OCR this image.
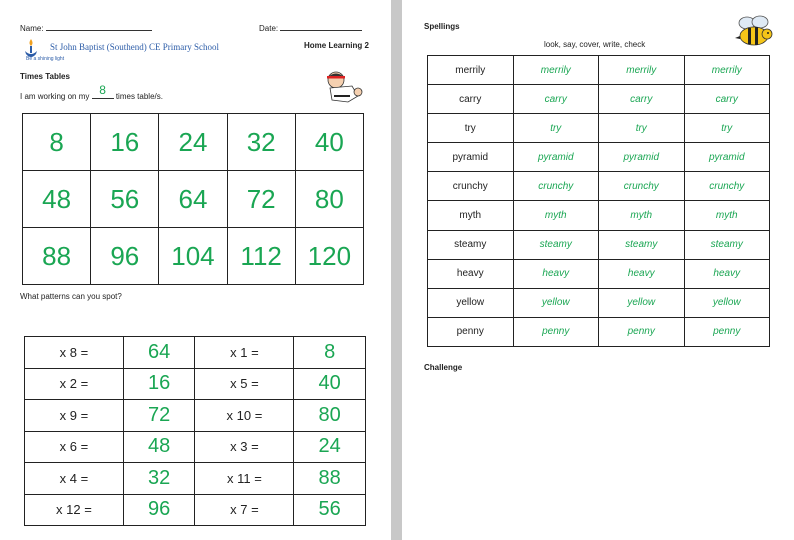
Name:	Date:
St John Baptist (Southend) CE Primary School
Be a shining light
Home Learning 2
Times Tables
I am working on my 8	times table/s.
8	16	24	32	40
48	56	64	72	80
88	96	104	112	120
What patterns can you spot?
x 8 =	64	x 1 =	8
x 2 =	16	x 5 =	40
x 9 =	72	x 10 =	80
x 6 =	48	x 3 =	24
x 4 =	32	x 11 =	88
x 12 =	96	x 7 =	56
Spellings
look, say, cover, write, check
merrily	merrily	merrily	merrily
carry	carry	carry	carry
try	try	try	try
pyramid	pyramid	pyramid	pyramid
crunchy	crunchy	crunchy	crunchy
myth	myth	myth	myth
steamy	steamy	steamy	steamy
heavy	heavy	heavy	heavy
yellow	yellow	yellow	yellow
penny	penny	penny	penny
Challenge
